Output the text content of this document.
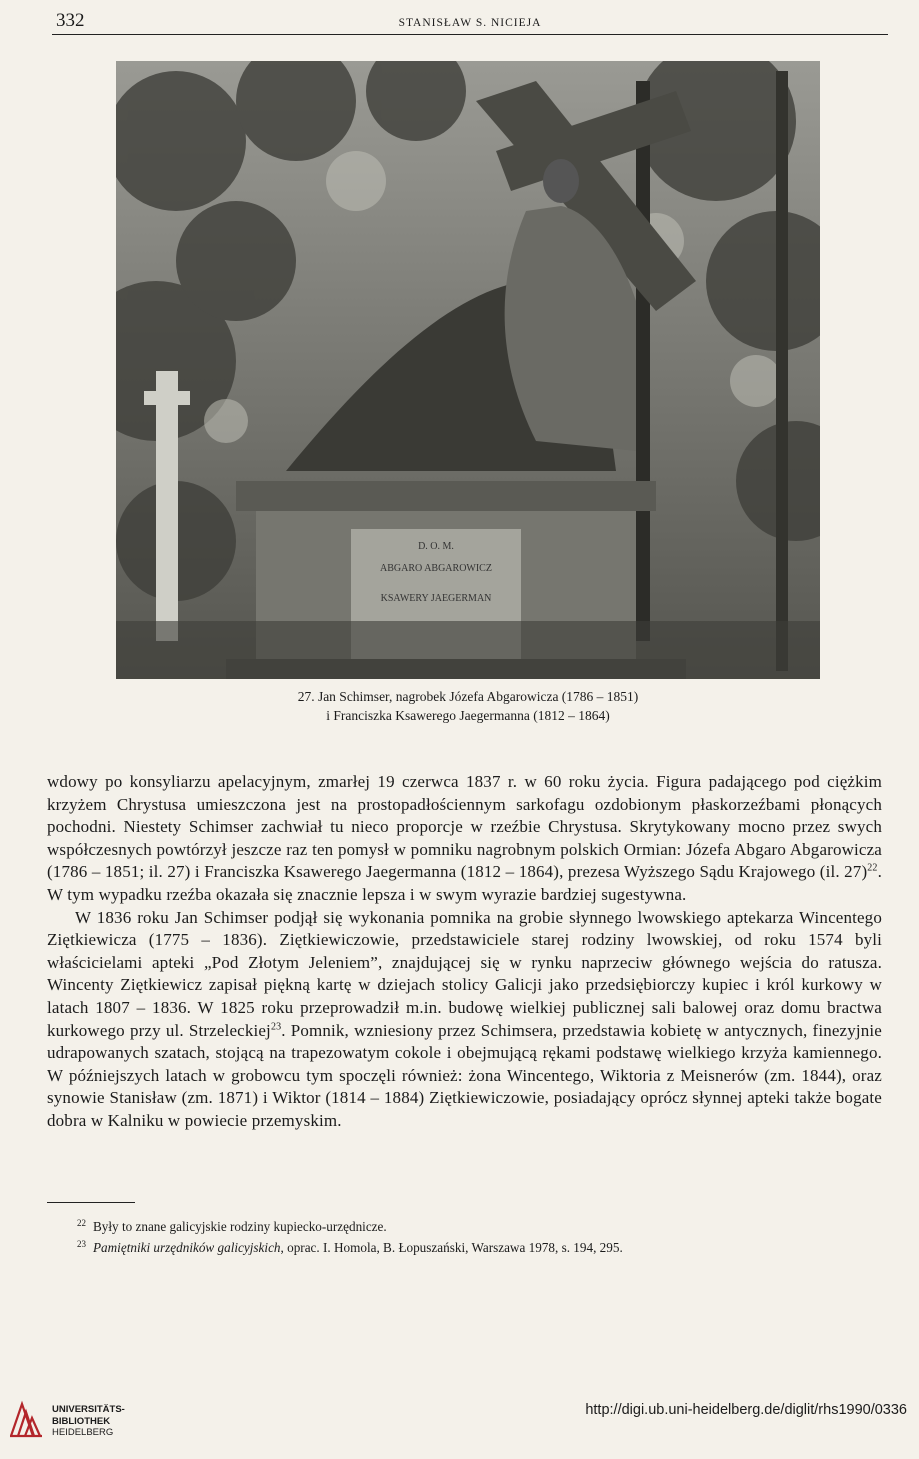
332	STANISŁAW S. NICIEJA
D. O. M.
ABGARO ABGAROWICZ
KSAWERY JAEGERMAN
27. Jan Schimser, nagrobek Józefa Abgarowicza (1786 – 1851)
i Franciszka Ksawerego Jaegermanna (1812 – 1864)

wdowy po konsyliarzu apelacyjnym, zmarłej 19 czerwca 1837 r. w 60 roku życia. Figura padającego pod ciężkim krzyżem Chrystusa umieszczona jest na prostopadłościennym sarkofagu ozdobionym płaskorzeźbami płonących pochodni. Niestety Schimser zachwiał tu nieco proporcje w rzeźbie Chrystusa. Skrytykowany mocno przez swych współczesnych powtórzył jeszcze raz ten pomysł w pomniku nagrobnym polskich Ormian: Józefa Abgaro Abgarowicza (1786 – 1851; il. 27) i Franciszka Ksawerego Jaegermanna (1812 – 1864), prezesa Wyższego Sądu Krajowego (il. 27)$^{22}$. W tym wypadku rzeźba okazała się znacznie lepsza i w swym wyrazie bardziej sugestywna.

W 1836 roku Jan Schimser podjął się wykonania pomnika na grobie słynnego lwowskiego aptekarza Wincentego Ziętkiewicza (1775 – 1836). Ziętkiewiczowie, przedstawiciele starej rodziny lwowskiej, od roku 1574 byli właścicielami apteki „Pod Złotym Jeleniem”, znajdującej się w rynku naprzeciw głównego wejścia do ratusza. Wincenty Ziętkiewicz zapisał piękną kartę w dziejach stolicy Galicji jako przedsiębiorczy kupiec i król kurkowy w latach 1807 – 1836. W 1825 roku przeprowadził m.in. budowę wielkiej publicznej sali balowej oraz domu bractwa kurkowego przy ul. Strzeleckiej$^{23}$. Pomnik, wzniesiony przez Schimsera, przedstawia kobietę w antycznych, finezyjnie udrapowanych szatach, stojącą na trapezowatym cokole i obejmującą rękami podstawę wielkiego krzyża kamiennego. W późniejszych latach w grobowcu tym spoczęli również: żona Wincentego, Wiktoria z Meisnerów (zm. 1844), oraz synowie Stanisław (zm. 1871) i Wiktor (1814 – 1884) Ziętkiewiczowie, posiadający oprócz słynnej apteki także bogate dobra w Kalniku w powiecie przemyskim.

22 Były to znane galicyjskie rodziny kupiecko-urzędnicze.
23 Pamiętniki urzędników galicyjskich, oprac. I. Homola, B. Łopuszański, Warszawa 1978, s. 194, 295.
UNIVERSITÄTS-
BIBLIOTHEK
HEIDELBERG
http://digi.ub.uni-heidelberg.de/diglit/rhs1990/0336
